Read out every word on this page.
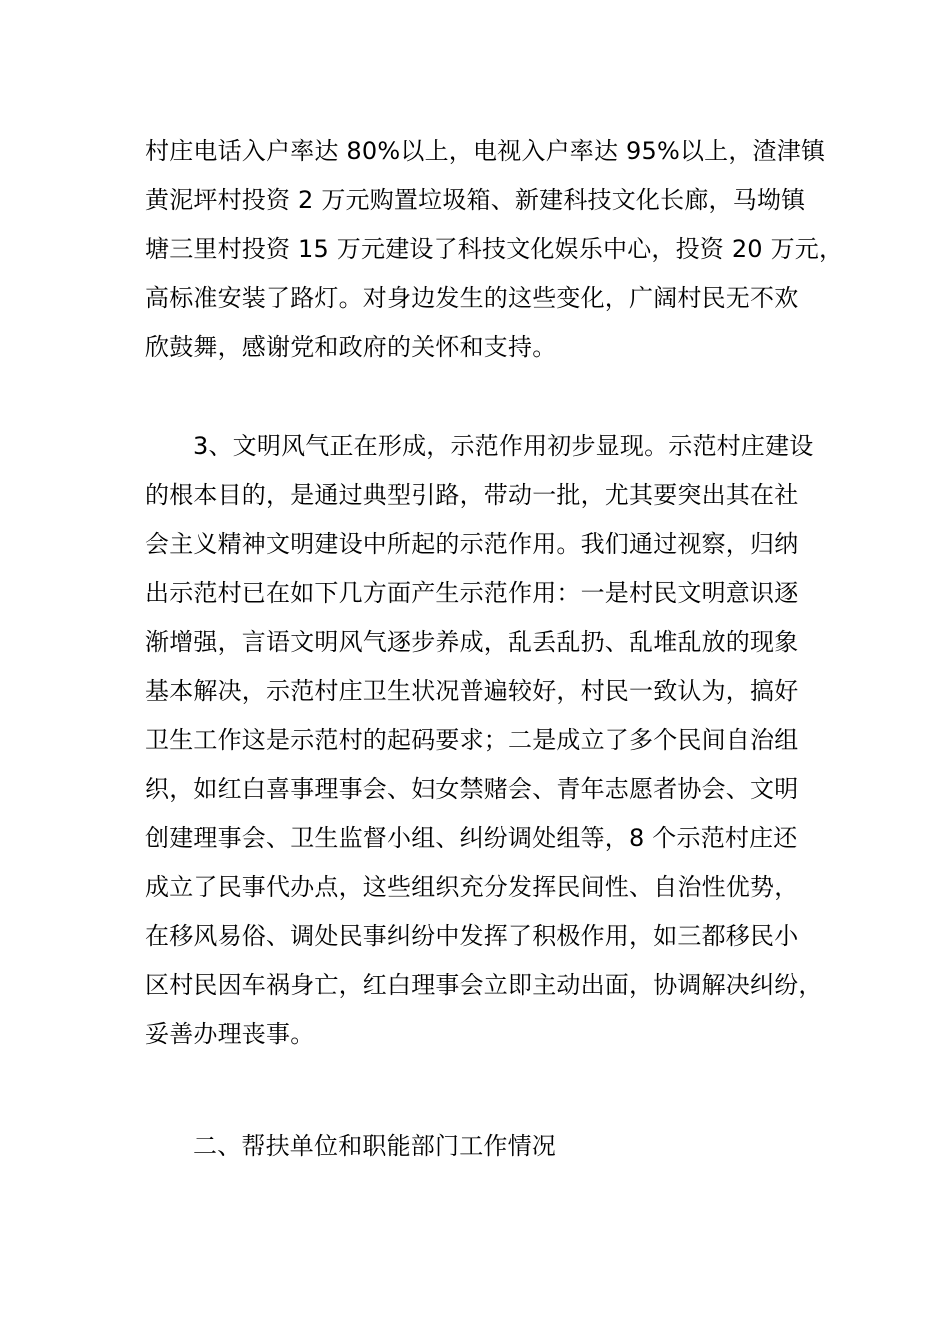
村庄电话入户率达 80%以上，电视入户率达 95%以上，渣津镇
黄泥坪村投资 2 万元购置垃圾箱、新建科技文化长廊，马坳镇
塘三里村投资 15 万元建设了科技文化娱乐中心，投资 20 万元，
高标准安装了路灯。对身边发生的这些变化，广阔村民无不欢
欣鼓舞，感谢党和政府的关怀和支持。
3、文明风气正在形成，示范作用初步显现。示范村庄建设
的根本目的，是通过典型引路，带动一批，尤其要突出其在社
会主义精神文明建设中所起的示范作用。我们通过视察，归纳
出示范村已在如下几方面产生示范作用：一是村民文明意识逐
渐增强，言语文明风气逐步养成，乱丢乱扔、乱堆乱放的现象
基本解决，示范村庄卫生状况普遍较好，村民一致认为，搞好
卫生工作这是示范村的起码要求；二是成立了多个民间自治组
织，如红白喜事理事会、妇女禁赌会、青年志愿者协会、文明
创建理事会、卫生监督小组、纠纷调处组等，8 个示范村庄还
成立了民事代办点，这些组织充分发挥民间性、自治性优势，
在移风易俗、调处民事纠纷中发挥了积极作用，如三都移民小
区村民因车祸身亡，红白理事会立即主动出面，协调解决纠纷，
妥善办理丧事。
二、帮扶单位和职能部门工作情况
